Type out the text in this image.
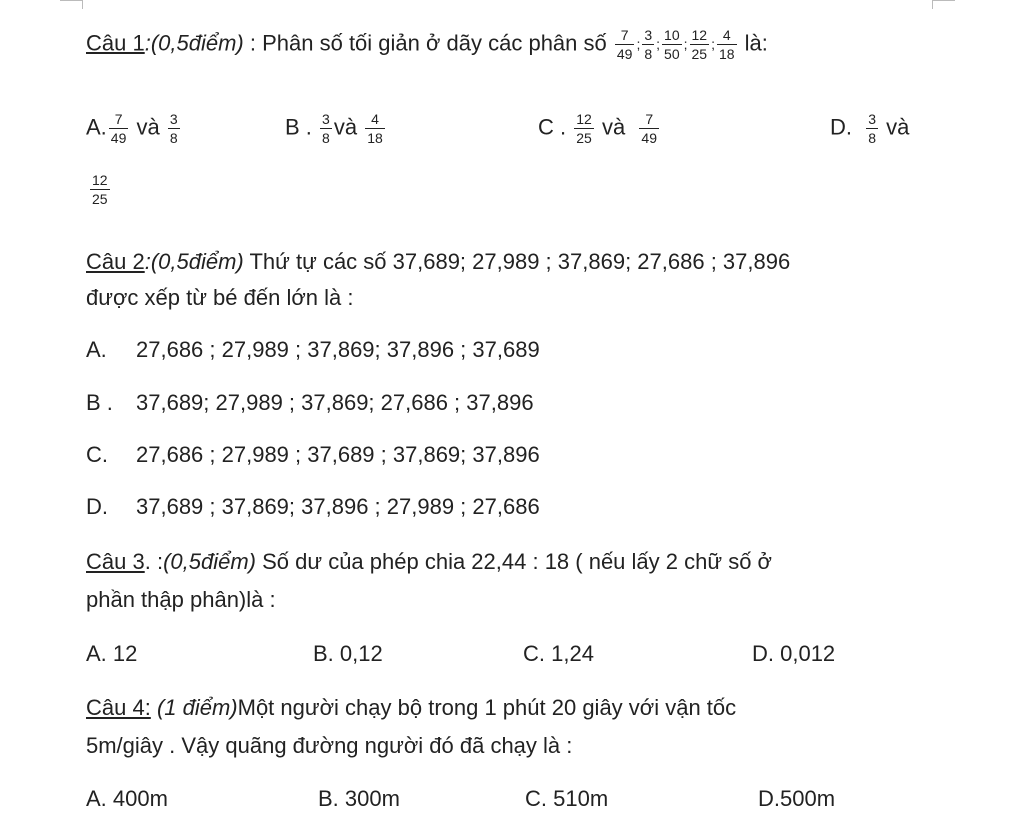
Câu 1:(0,5điểm) : Phân số tối giản ở dãy các phân số $\frac{7}{49}$ ; $\frac{3}{8}$ ; $\frac{10}{50}$ ; $\frac{12}{25}$ ; $\frac{4}{18}$ là:
A. $\frac{7}{49}$ và $\frac{3}{8}$	B . $\frac{3}{8}$ và $\frac{4}{18}$	C . $\frac{12}{25}$ và $\frac{7}{49}$	D. $\frac{3}{8}$ và
$\frac{12}{25}$
Câu 2:(0,5điểm) Thứ tự các số 37,689; 27,989 ; 37,869; 27,686 ; 37,896
được xếp từ bé đến lớn là :
A. 27,686 ; 27,989 ; 37,869; 37,896 ; 37,689
B . 37,689; 27,989 ; 37,869; 27,686 ; 37,896
C. 27,686 ; 27,989 ; 37,689 ; 37,869; 37,896
D. 37,689 ; 37,869; 37,896 ; 27,989 ; 27,686
Câu 3. :(0,5điểm) Số dư của phép chia 22,44 : 18 ( nếu lấy 2 chữ số ở
phần thập phân)là :
A. 12	B. 0,12	C. 1,24	D. 0,012
Câu 4: (1 điểm)Một người chạy bộ trong 1 phút 20 giây với vận tốc
5m/giây . Vậy quãng đường người đó đã chạy là :
A. 400m	B. 300m	C. 510m	D.500m
